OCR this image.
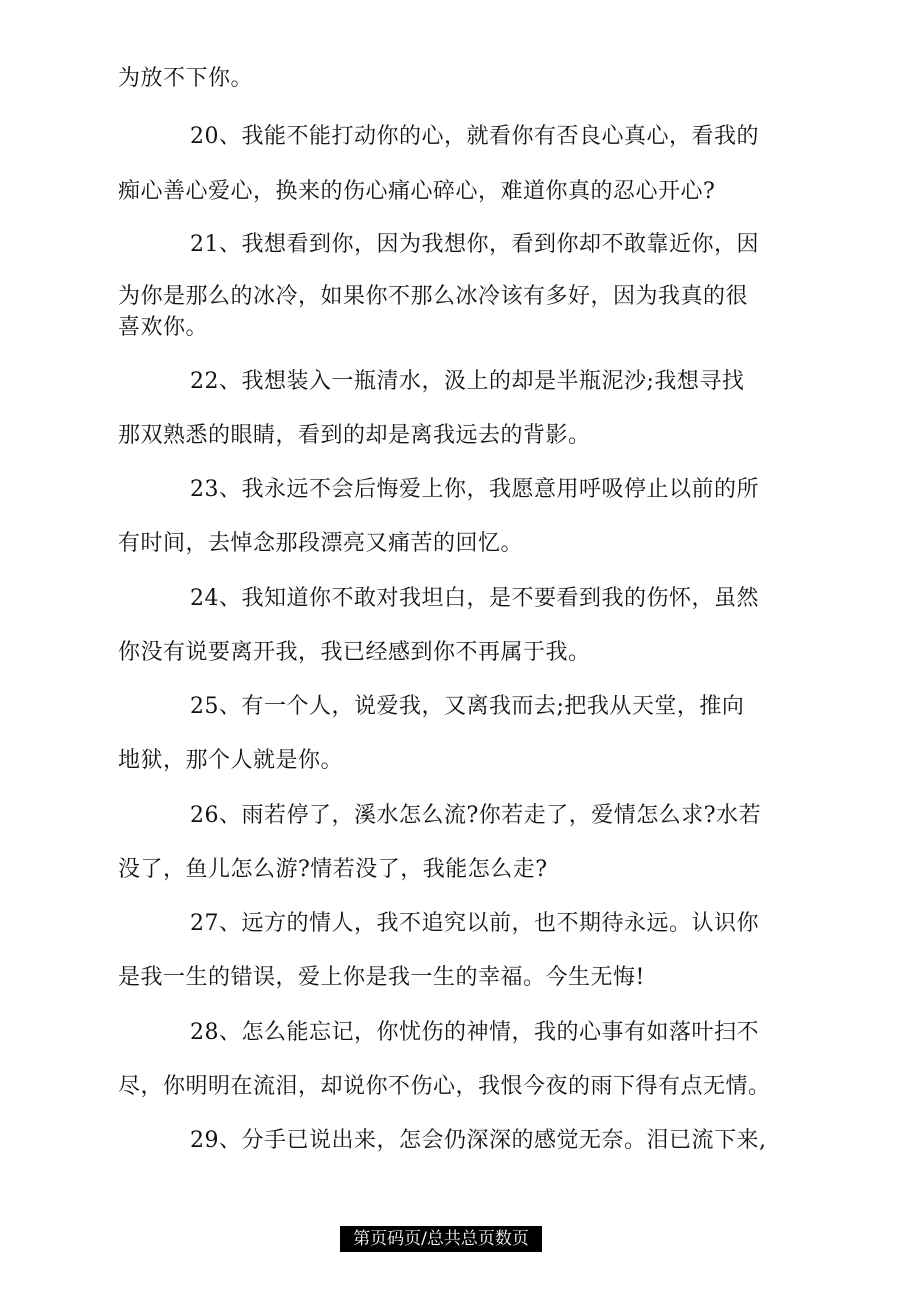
为放不下你。
20、我能不能打动你的心，就看你有否良心真心，看我的
痴心善心爱心，换来的伤心痛心碎心，难道你真的忍心开心?
21、我想看到你，因为我想你，看到你却不敢靠近你，因
为你是那么的冰冷，如果你不那么冰冷该有多好，因为我真的很
喜欢你。
22、我想装入一瓶清水，汲上的却是半瓶泥沙;我想寻找
那双熟悉的眼睛，看到的却是离我远去的背影。
23、我永远不会后悔爱上你，我愿意用呼吸停止以前的所
有时间，去悼念那段漂亮又痛苦的回忆。
24、我知道你不敢对我坦白，是不要看到我的伤怀，虽然
你没有说要离开我，我已经感到你不再属于我。
25、有一个人，说爱我，又离我而去;把我从天堂，推向
地狱，那个人就是你。
26、雨若停了，溪水怎么流?你若走了，爱情怎么求?水若
没了，鱼儿怎么游?情若没了，我能怎么走?
27、远方的情人，我不追究以前，也不期待永远。认识你
是我一生的错误，爱上你是我一生的幸福。今生无悔!
28、怎么能忘记，你忧伤的神情，我的心事有如落叶扫不
尽，你明明在流泪，却说你不伤心，我恨今夜的雨下得有点无情。
29、分手已说出来，怎会仍深深的感觉无奈。泪已流下来,
第页码页/总共总页数页
